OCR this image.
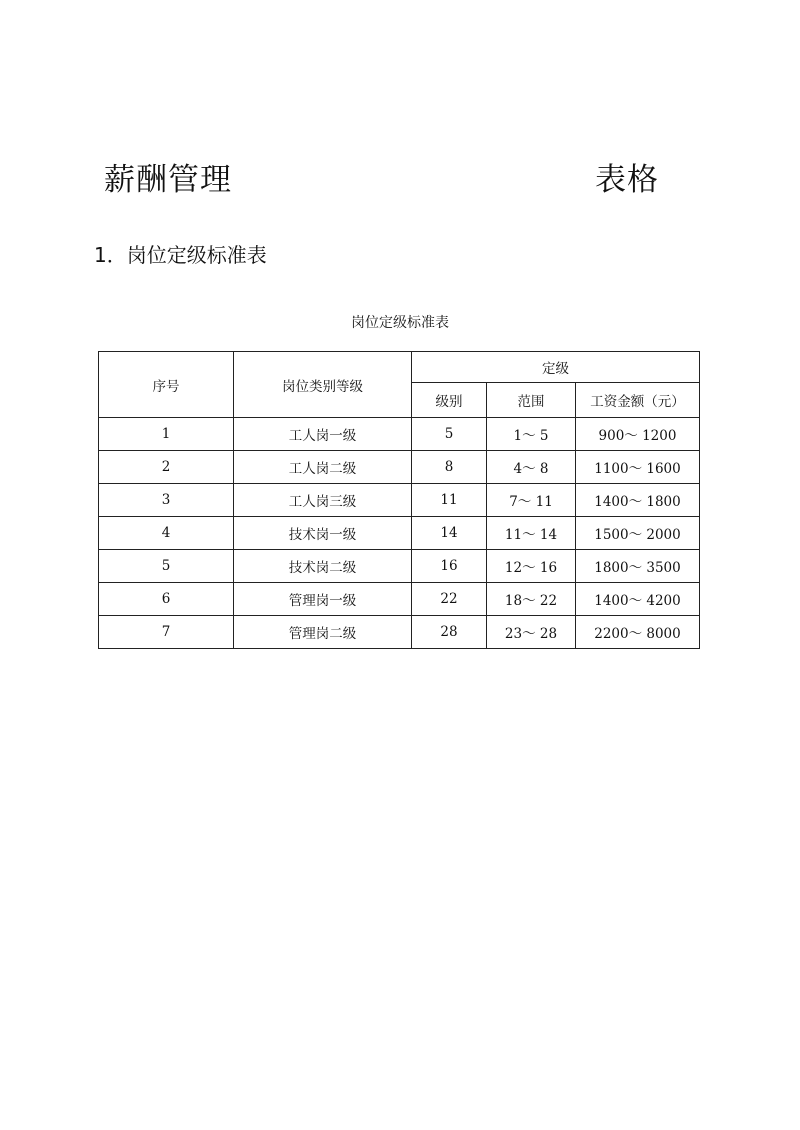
薪酬管理	表格
1．岗位定级标准表
岗位定级标准表
序号	岗位类别等级	定级		
		级别	范围	工资金额（元）
1	工人岗一级	5	1～ 5	900～ 1200
2	工人岗二级	8	4～ 8	1100～ 1600
3	工人岗三级	11	7～ 11	1400～ 1800
4	技术岗一级	14	11～ 14	1500～ 2000
5	技术岗二级	16	12～ 16	1800～ 3500
6	管理岗一级	22	18～ 22	1400～ 4200
7	管理岗二级	28	23～ 28	2200～ 8000
